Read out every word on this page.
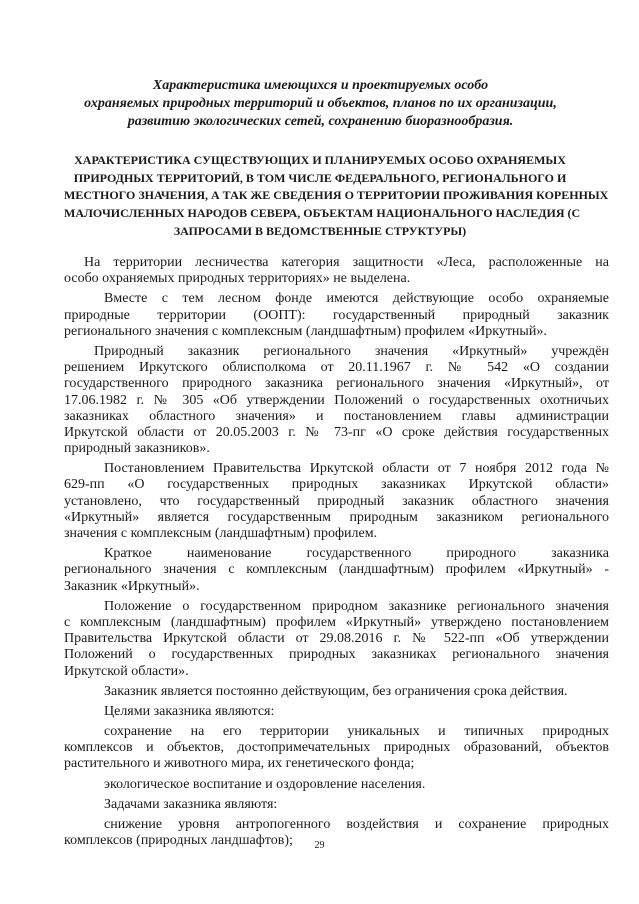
Характеристика имеющихся и проектируемых особо
охраняемых природных территорий и объектов, планов по их организации,
развитию экологических сетей, сохранению биоразнообразия.
ХАРАКТЕРИСТИКА СУЩЕСТВУЮЩИХ И ПЛАНИРУЕМЫХ ОСОБО ОХРАНЯЕМЫХ
ПРИРОДНЫХ ТЕРРИТОРИЙ, В ТОМ ЧИСЛЕ ФЕДЕРАЛЬНОГО, РЕГИОНАЛЬНОГО И
МЕСТНОГО ЗНАЧЕНИЯ, А ТАК ЖЕ СВЕДЕНИЯ О ТЕРРИТОРИИ ПРОЖИВАНИЯ КОРЕННЫХ
МАЛОЧИСЛЕННЫХ НАРОДОВ СЕВЕРА, ОБЪЕКТАМ НАЦИОНАЛЬНОГО НАСЛЕДИЯ (С
ЗАПРОСАМИ В ВЕДОМСТВЕННЫЕ СТРУКТУРЫ)
На территории лесничества категория защитности «Леса, расположенные на
особо охраняемых природных территориях» не выделена.
Вместе с тем лесном фонде имеются действующие особо охраняемые
природные территории (ООПТ): государственный природный заказник
регионального значения с комплексным (ландшафтным) профилем «Иркутный».
Природный заказник регионального значения «Иркутный» учреждён
решением Иркутского облисполкома от 20.11.1967 г. № 542 «О создании
государственного природного заказника регионального значения «Иркутный», от
17.06.1982 г. № 305 «Об утверждении Положений о государственных охотничьих
заказниках областного значения» и постановлением главы администрации
Иркутской области от 20.05.2003 г. № 73-пг «О сроке действия государственных
природный заказников».
Постановлением Правительства Иркутской области от 7 ноября 2012 года №
629-пп «О государственных природных заказниках Иркутской области»
установлено, что государственный природный заказник областного значения
«Иркутный» является государственным природным заказником регионального
значения с комплексным (ландшафтным) профилем.
Краткое наименование государственного природного заказника
регионального значения с комплексным (ландшафтным) профилем «Иркутный» -
Заказник «Иркутный».
Положение о государственном природном заказнике регионального значения
с комплексным (ландшафтным) профилем «Иркутный» утверждено постановлением
Правительства Иркутской области от 29.08.2016 г. № 522-пп «Об утверждении
Положений о государственных природных заказниках регионального значения
Иркутской области».
Заказник является постоянно действующим, без ограничения срока действия.
Целями заказника являются:
сохранение на его территории уникальных и типичных природных
комплексов и объектов, достопримечательных природных образований, объектов
растительного и животного мира, их генетического фонда;
экологическое воспитание и оздоровление населения.
Задачами заказника являютя:
снижение уровня антропогенного воздействия и сохранение природных
комплексов (природных ландшафтов);	29
